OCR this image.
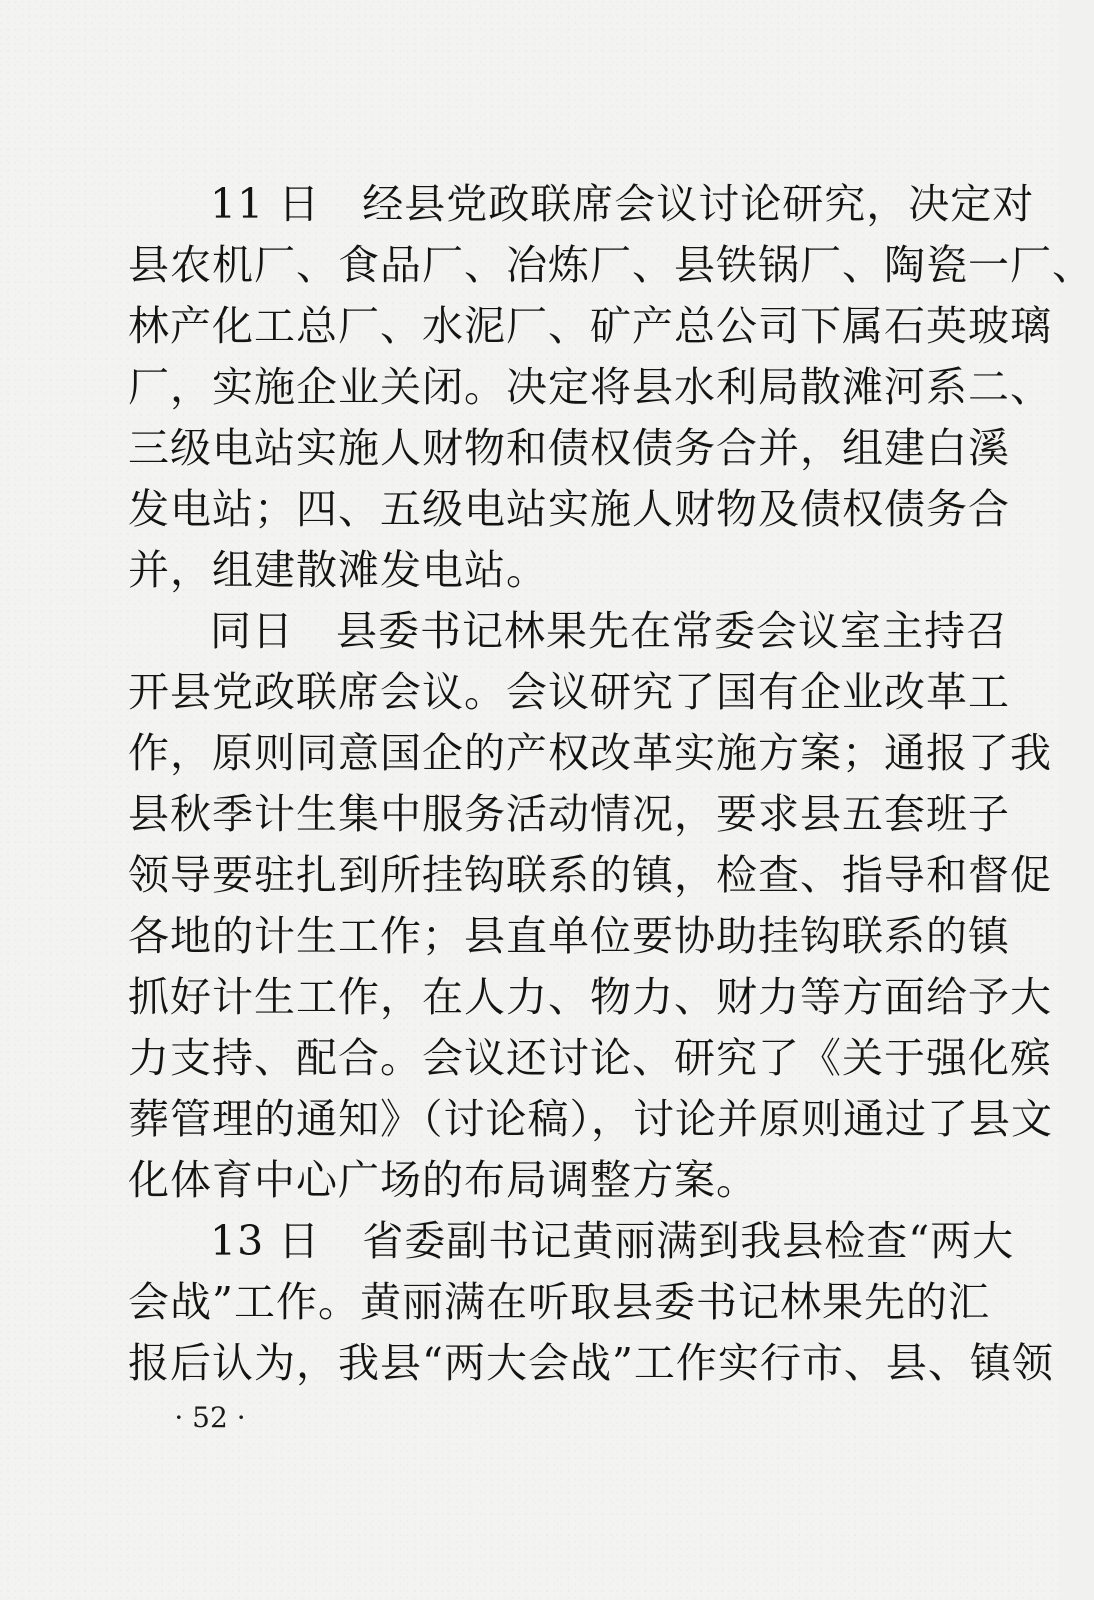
11 日　经县党政联席会议讨论研究，决定对
县农机厂、食品厂、冶炼厂、县铁锅厂、陶瓷一厂、
林产化工总厂、水泥厂、矿产总公司下属石英玻璃
厂，实施企业关闭。决定将县水利局散滩河系二、
三级电站实施人财物和债权债务合并，组建白溪
发电站；四、五级电站实施人财物及债权债务合
并，组建散滩发电站。
同日　县委书记林果先在常委会议室主持召
开县党政联席会议。会议研究了国有企业改革工
作，原则同意国企的产权改革实施方案；通报了我
县秋季计生集中服务活动情况，要求县五套班子
领导要驻扎到所挂钩联系的镇，检查、指导和督促
各地的计生工作；县直单位要协助挂钩联系的镇
抓好计生工作，在人力、物力、财力等方面给予大
力支持、配合。会议还讨论、研究了《关于强化殡
葬管理的通知》（讨论稿），讨论并原则通过了县文
化体育中心广场的布局调整方案。
13 日　省委副书记黄丽满到我县检查“两大
会战”工作。黄丽满在听取县委书记林果先的汇
报后认为，我县“两大会战”工作实行市、县、镇领
· 52 ·
